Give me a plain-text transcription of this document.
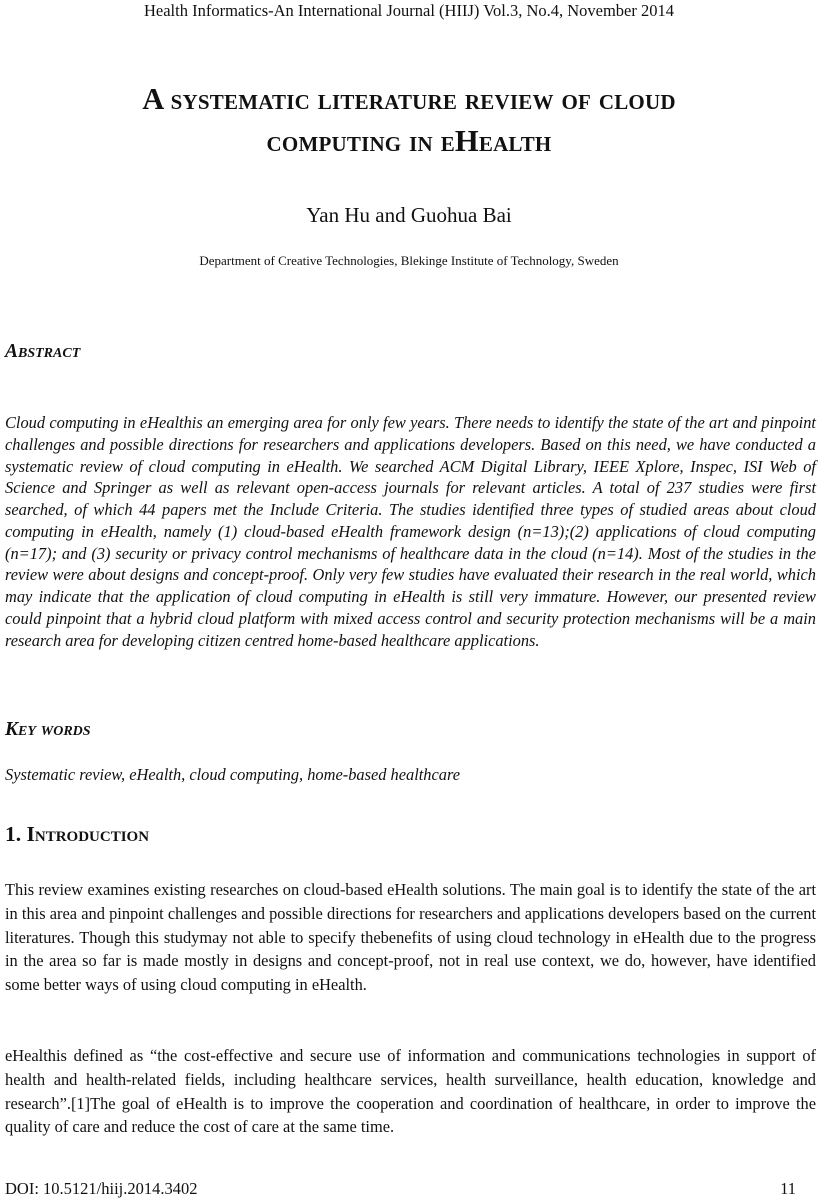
Health Informatics-An International Journal (HIIJ) Vol.3, No.4, November 2014
A systematic literature review of cloud
computing in eHealth
Yan Hu and Guohua Bai
Department of Creative Technologies, Blekinge Institute of Technology, Sweden
Abstract
Cloud computing in eHealthis an emerging area for only few years. There needs to identify the state of the art and pinpoint challenges and possible directions for researchers and applications developers. Based on this need, we have conducted a systematic review of cloud computing in eHealth. We searched ACM Digital Library, IEEE Xplore, Inspec, ISI Web of Science and Springer as well as relevant open-access journals for relevant articles. A total of 237 studies were first searched, of which 44 papers met the Include Criteria. The studies identified three types of studied areas about cloud computing in eHealth, namely (1) cloud-based eHealth framework design (n=13);(2) applications of cloud computing (n=17); and (3) security or privacy control mechanisms of healthcare data in the cloud (n=14). Most of the studies in the review were about designs and concept-proof. Only very few studies have evaluated their research in the real world, which may indicate that the application of cloud computing in eHealth is still very immature. However, our presented review could pinpoint that a hybrid cloud platform with mixed access control and security protection mechanisms will be a main research area for developing citizen centred home-based healthcare applications.
Key words
Systematic review, eHealth, cloud computing, home-based healthcare
1. Introduction
This review examines existing researches on cloud-based eHealth solutions. The main goal is to identify the state of the art in this area and pinpoint challenges and possible directions for researchers and applications developers based on the current literatures. Though this studymay not able to specify thebenefits of using cloud technology in eHealth due to the progress in the area so far is made mostly in designs and concept-proof, not in real use context, we do, however, have identified some better ways of using cloud computing in eHealth.
eHealthis defined as “the cost-effective and secure use of information and communications technologies in support of health and health-related fields, including healthcare services, health surveillance, health education, knowledge and research”.[1]The goal of eHealth is to improve the cooperation and coordination of healthcare, in order to improve the quality of care and reduce the cost of care at the same time.
DOI: 10.5121/hiij.2014.3402	11
